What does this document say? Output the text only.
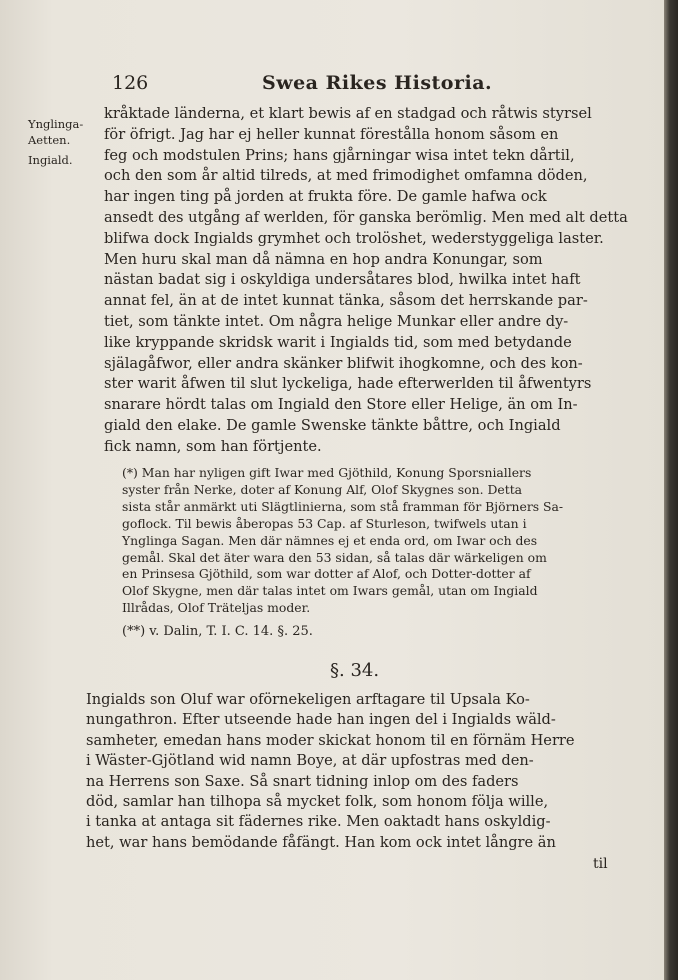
126	Swea Rikes Historia.
Ynglinga-
Aetten.
Ingiald.
kråktade länderna, et klart bewis af en stadgad och råtwis styrsel
för öfrigt. Jag har ej heller kunnat förestålla honom såsom en
feg och modstulen Prins; hans gjårningar wisa intet tekn dårtil,
och den som år altid tilreds, at med frimodighet omfamna döden,
har ingen ting på jorden at frukta före. De gamle hafwa ock
ansedt des utgång af werlden, för ganska berömlig. Men med alt detta
blifwa dock Ingialds grymhet och trolöshet, wederstyggeliga laster.
Men huru skal man då nämna en hop andra Konungar, som
nästan badat sig i oskyldiga undersåtares blod, hwilka intet haft
annat fel, än at de intet kunnat tänka, såsom det herrskande par-
tiet, som tänkte intet. Om några helige Munkar eller andre dy-
like kryppande skridsk warit i Ingialds tid, som med betydande
själagåfwor, eller andra skänker blifwit ihogkomne, och des kon-
ster warit åfwen til slut lyckeliga, hade efterwerlden til åfwentyrs
snarare hördt talas om Ingiald den Store eller Helige, än om In-
giald den elake. De gamle Swenske tänkte båttre, och Ingiald
fick namn, som han förtjente.
(*) Man har nyligen gift Iwar med Gjöthild, Konung Sporsniallers
syster från Nerke, doter af Konung Alf, Olof Skygnes son. Detta
sista står anmärkt uti Slägtlinierna, som stå framman för Björners Sa-
goflock. Til bewis åberopas 53 Cap. af Sturleson, twifwels utan i
Ynglinga Sagan. Men där nämnes ej et enda ord, om Iwar och des
gemål. Skal det äter wara den 53 sidan, så talas där wärkeligen om
en Prinsesa Gjöthild, som war dotter af Alof, och Dotter-dotter af
Olof Skygne, men där talas intet om Iwars gemål, utan om Ingiald
Illrådas, Olof Träteljas moder.
(**) v. Dalin, T. I. C. 14. §. 25.
§. 34.
Ingialds son Oluf war oförnekeligen arftagare til Upsala Ko-
nungathron. Efter utseende hade han ingen del i Ingialds wäld-
samheter, emedan hans moder skickat honom til en förnäm Herre
i Wäster-Gjötland wid namn Boye, at där upfostras med den-
na Herrens son Saxe. Så snart tidning inlop om des faders
död, samlar han tilhopa så mycket folk, som honom följa wille,
i tanka at antaga sit fädernes rike. Men oaktadt hans oskyldig-
het, war hans bemödande fåfängt. Han kom ock intet långre än
til
